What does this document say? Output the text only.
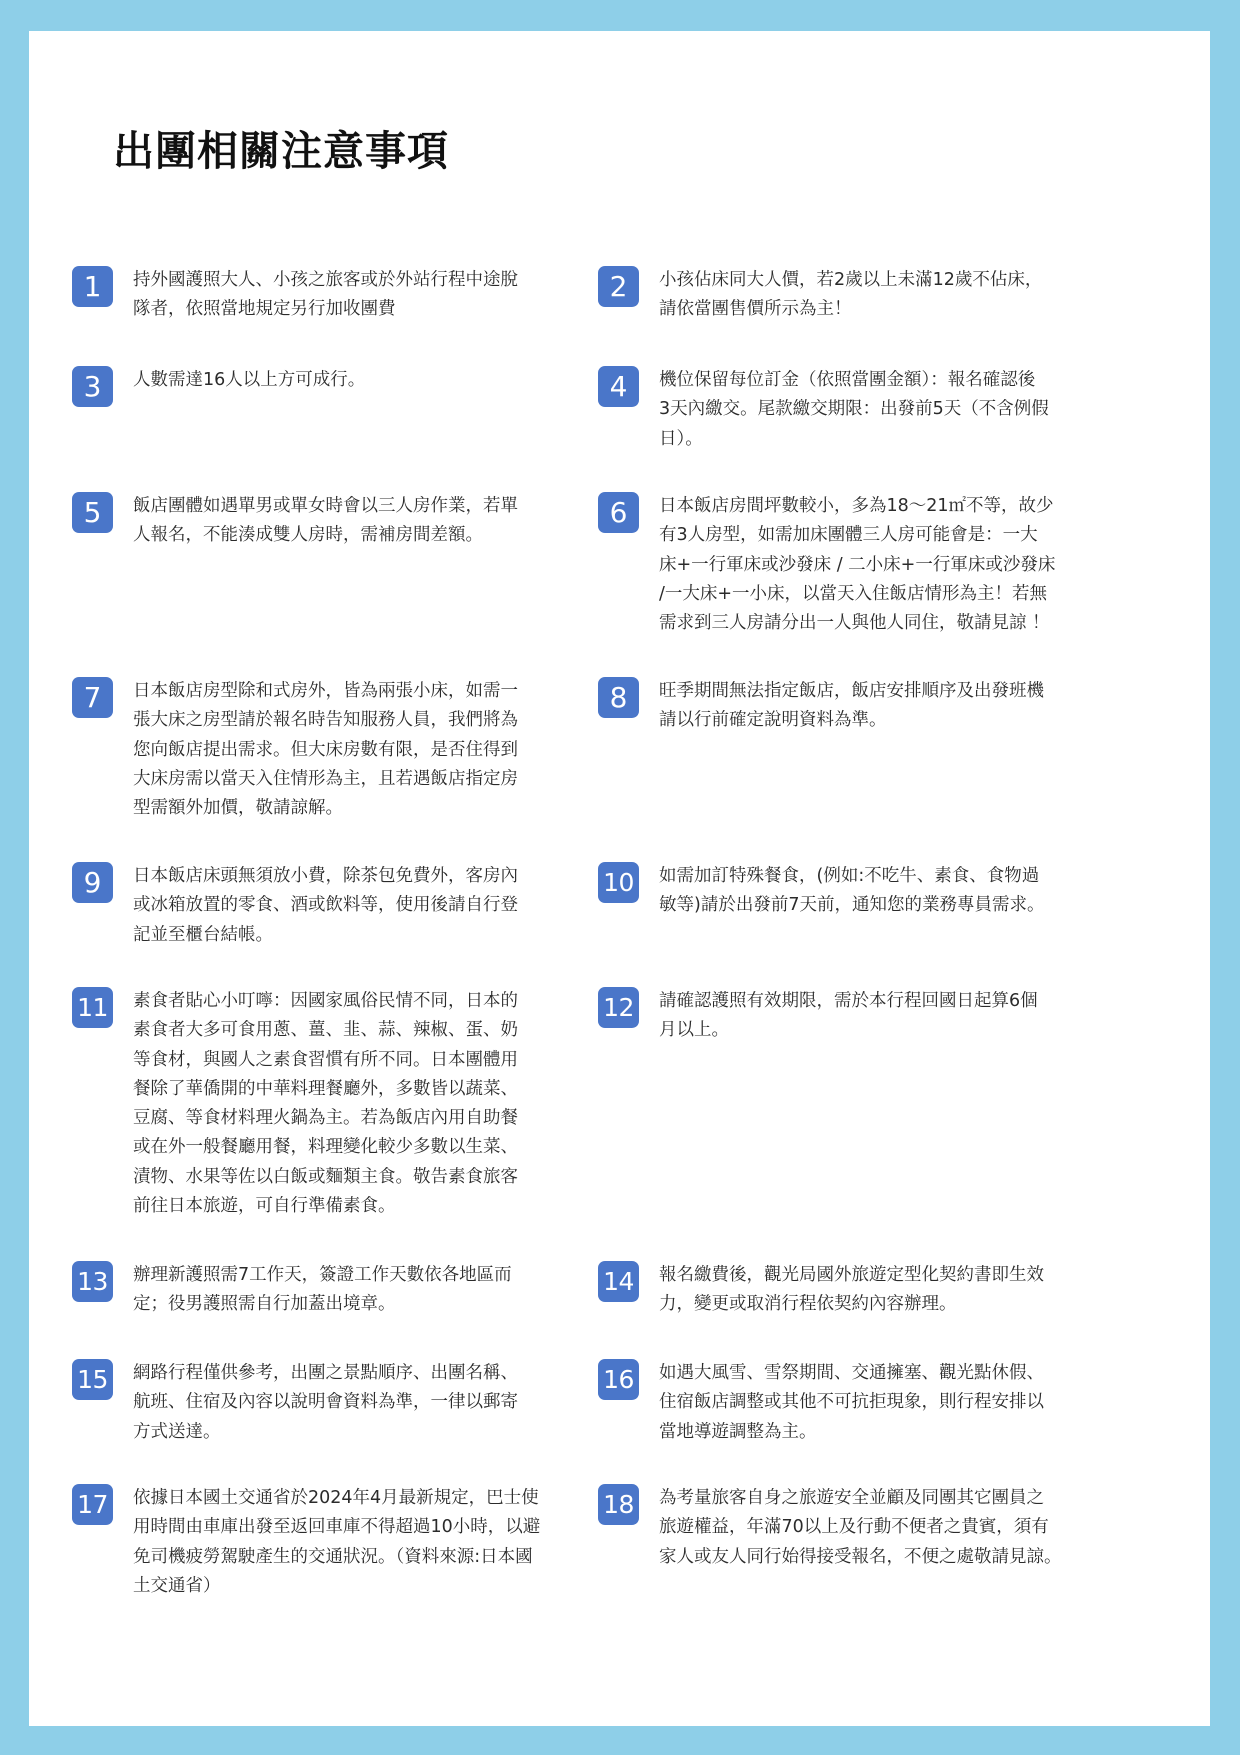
出團相關注意事項
1	持外國護照大人、小孩之旅客或於外站行程中途脫
隊者，依照當地規定另行加收團費

2	小孩佔床同大人價，若2歲以上未滿12歲不佔床，
請依當團售價所示為主！

3	人數需達16人以上方可成行。	4	機位保留每位訂金（依照當團金額）：報名確認後
3天內繳交。尾款繳交期限：出發前5天（不含例假
日）。

5	飯店團體如遇單男或單女時會以三人房作業，若單
人報名，不能湊成雙人房時，需補房間差額。

6	日本飯店房間坪數較小，多為18～21㎡不等，故少
有3人房型，如需加床團體三人房可能會是：一大
床+一行軍床或沙發床 / 二小床+一行軍床或沙發床
/一大床+一小床，以當天入住飯店情形為主！若無
需求到三人房請分出一人與他人同住，敬請見諒 ！

7	日本飯店房型除和式房外，皆為兩張小床，如需一
張大床之房型請於報名時告知服務人員，我們將為
您向飯店提出需求。但大床房數有限，是否住得到
大床房需以當天入住情形為主，且若遇飯店指定房
型需額外加價，敬請諒解。

8	旺季期間無法指定飯店，飯店安排順序及出發班機
請以行前確定說明資料為準。

9	日本飯店床頭無須放小費，除茶包免費外，客房內
或冰箱放置的零食、酒或飲料等，使用後請自行登
記並至櫃台結帳。

10 如需加訂特殊餐食，(例如:不吃牛、素食、食物過
敏等)請於出發前7天前，通知您的業務專員需求。

11 素食者貼心小叮嚀：因國家風俗民情不同，日本的
素食者大多可食用蔥、薑、韭、蒜、辣椒、蛋、奶
等食材，與國人之素食習慣有所不同。日本團體用
餐除了華僑開的中華料理餐廳外，多數皆以蔬菜、
豆腐、等食材料理火鍋為主。若為飯店內用自助餐
或在外一般餐廳用餐，料理變化較少多數以生菜、
漬物、水果等佐以白飯或麵類主食。敬告素食旅客
前往日本旅遊，可自行準備素食。

12 請確認護照有效期限，需於本行程回國日起算6個
月以上。

13 辦理新護照需7工作天，簽證工作天數依各地區而
定；役男護照需自行加蓋出境章。

14 報名繳費後，觀光局國外旅遊定型化契約書即生效
力，變更或取消行程依契約內容辦理。

15 網路行程僅供參考，出團之景點順序、出團名稱、
航班、住宿及內容以說明會資料為準，一律以郵寄
方式送達。

16 如遇大風雪、雪祭期間、交通擁塞、觀光點休假、
住宿飯店調整或其他不可抗拒現象，則行程安排以
當地導遊調整為主。

17 依據日本國土交通省於2024年4月最新規定，巴士使
用時間由車庫出發至返回車庫不得超過10小時，以避
免司機疲勞駕駛產生的交通狀況。（資料來源:日本國
土交通省）

18 為考量旅客自身之旅遊安全並顧及同團其它團員之
旅遊權益，年滿70以上及行動不便者之貴賓，須有
家人或友人同行始得接受報名，不便之處敬請見諒。
